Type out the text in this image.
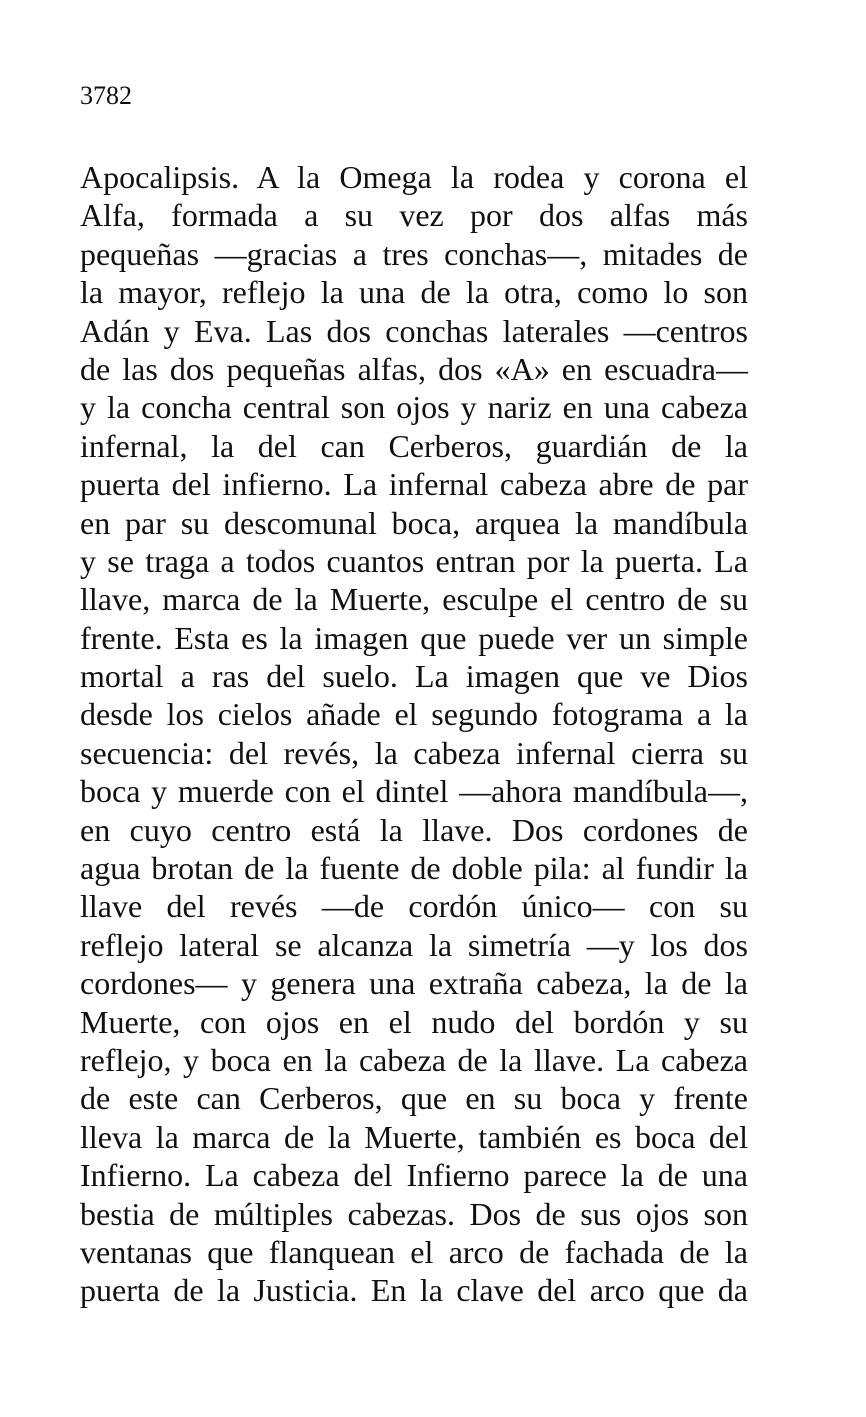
3782

Apocalipsis. A la Omega la rodea y corona el
Alfa, formada a su vez por dos alfas más
pequeñas —gracias a tres conchas—, mitades de
la mayor, reflejo la una de la otra, como lo son
Adán y Eva. Las dos conchas laterales —centros
de las dos pequeñas alfas, dos «A» en escuadra—
y la concha central son ojos y nariz en una cabeza
infernal, la del can Cerberos, guardián de la
puerta del infierno. La infernal cabeza abre de par
en par su descomunal boca, arquea la mandíbula
y se traga a todos cuantos entran por la puerta. La
llave, marca de la Muerte, esculpe el centro de su
frente. Esta es la imagen que puede ver un simple
mortal a ras del suelo. La imagen que ve Dios
desde los cielos añade el segundo fotograma a la
secuencia: del revés, la cabeza infernal cierra su
boca y muerde con el dintel —ahora mandíbula—,
en cuyo centro está la llave. Dos cordones de
agua brotan de la fuente de doble pila: al fundir la
llave del revés —de cordón único— con su
reflejo lateral se alcanza la simetría —y los dos
cordones— y genera una extraña cabeza, la de la
Muerte, con ojos en el nudo del bordón y su
reflejo, y boca en la cabeza de la llave. La cabeza
de este can Cerberos, que en su boca y frente
lleva la marca de la Muerte, también es boca del
Infierno. La cabeza del Infierno parece la de una
bestia de múltiples cabezas. Dos de sus ojos son
ventanas que flanquean el arco de fachada de la
puerta de la Justicia. En la clave del arco que da
